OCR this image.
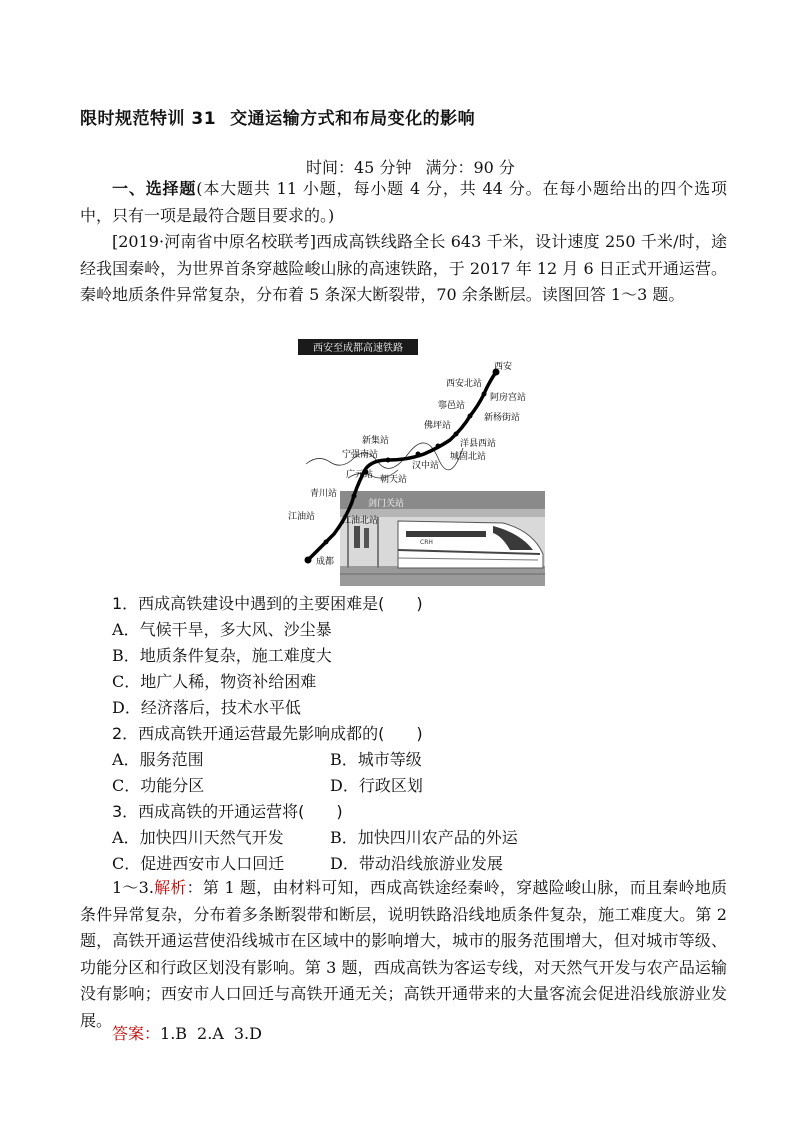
限时规范特训 31 交通运输方式和布局变化的影响
时间：45 分钟 满分：90 分
一、选择题(本大题共 11 小题，每小题 4 分，共 44 分。在每小题给出的四个选项中，只有一项是最符合题目要求的。)
[2019·河南省中原名校联考]西成高铁线路全长 643 千米，设计速度 250 千米/时，途经我国秦岭，为世界首条穿越险峻山脉的高速铁路，于 2017 年 12 月 6 日正式开通运营。秦岭地质条件异常复杂，分布着 5 条深大断裂带，70 余条断层。读图回答 1～3 题。
西安至成都高速铁路
CRH
西安
西安北站
阿房宫站
鄠邑站
新杨街站
佛坪站
洋县西站
城固北站
汉中站
新集站
宁强南站
广元站 朝天站
青川站
剑门关站
江油站	江油北站
成都
1．西成高铁建设中遇到的主要困难是(　　)
A．气候干旱，多大风、沙尘暴
B．地质条件复杂，施工难度大
C．地广人稀，物资补给困难
D．经济落后，技术水平低
2．西成高铁开通运营最先影响成都的(　　)
A．服务范围	B．城市等级
C．功能分区	D．行政区划
3．西成高铁的开通运营将(　　)
A．加快四川天然气开发	B．加快四川农产品的外运
C．促进西安市人口回迁	D．带动沿线旅游业发展
1～3.解析：第 1 题，由材料可知，西成高铁途经秦岭，穿越险峻山脉，而且秦岭地质条件异常复杂，分布着多条断裂带和断层，说明铁路沿线地质条件复杂，施工难度大。第 2 题，高铁开通运营使沿线城市在区域中的影响增大，城市的服务范围增大，但对城市等级、功能分区和行政区划没有影响。第 3 题，西成高铁为客运专线，对天然气开发与农产品运输没有影响；西安市人口回迁与高铁开通无关；高铁开通带来的大量客流会促进沿线旅游业发展。
答案：1.B 2.A 3.D
